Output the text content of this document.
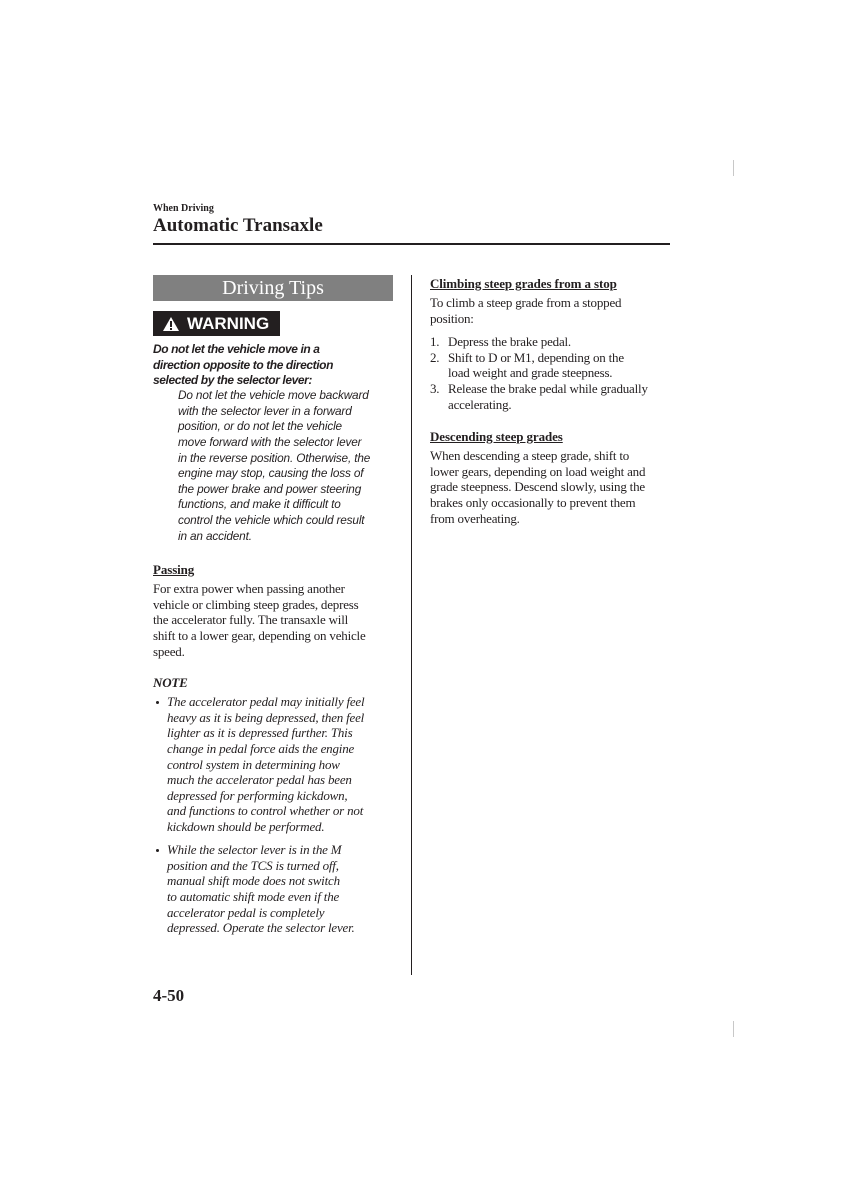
When Driving
Automatic Transaxle
Driving Tips
WARNING
Do not let the vehicle move in a
direction opposite to the direction
selected by the selector lever:
Do not let the vehicle move backward
with the selector lever in a forward
position, or do not let the vehicle
move forward with the selector lever
in the reverse position. Otherwise, the
engine may stop, causing the loss of
the power brake and power steering
functions, and make it difficult to
control the vehicle which could result
in an accident.
Passing
For extra power when passing another
vehicle or climbing steep grades, depress
the accelerator fully. The transaxle will
shift to a lower gear, depending on vehicle
speed.
NOTE
The accelerator pedal may initially feel
heavy as it is being depressed, then feel
lighter as it is depressed further. This
change in pedal force aids the engine
control system in determining how
much the accelerator pedal has been
depressed for performing kickdown,
and functions to control whether or not
kickdown should be performed.
While the selector lever is in the M
position and the TCS is turned off,
manual shift mode does not switch
to automatic shift mode even if the
accelerator pedal is completely
depressed. Operate the selector lever.
4-50
Climbing steep grades from a stop
To climb a steep grade from a stopped
position:
1. Depress the brake pedal.
2. Shift to D or M1, depending on the
load weight and grade steepness.
3. Release the brake pedal while gradually
accelerating.
Descending steep grades
When descending a steep grade, shift to
lower gears, depending on load weight and
grade steepness. Descend slowly, using the
brakes only occasionally to prevent them
from overheating.
